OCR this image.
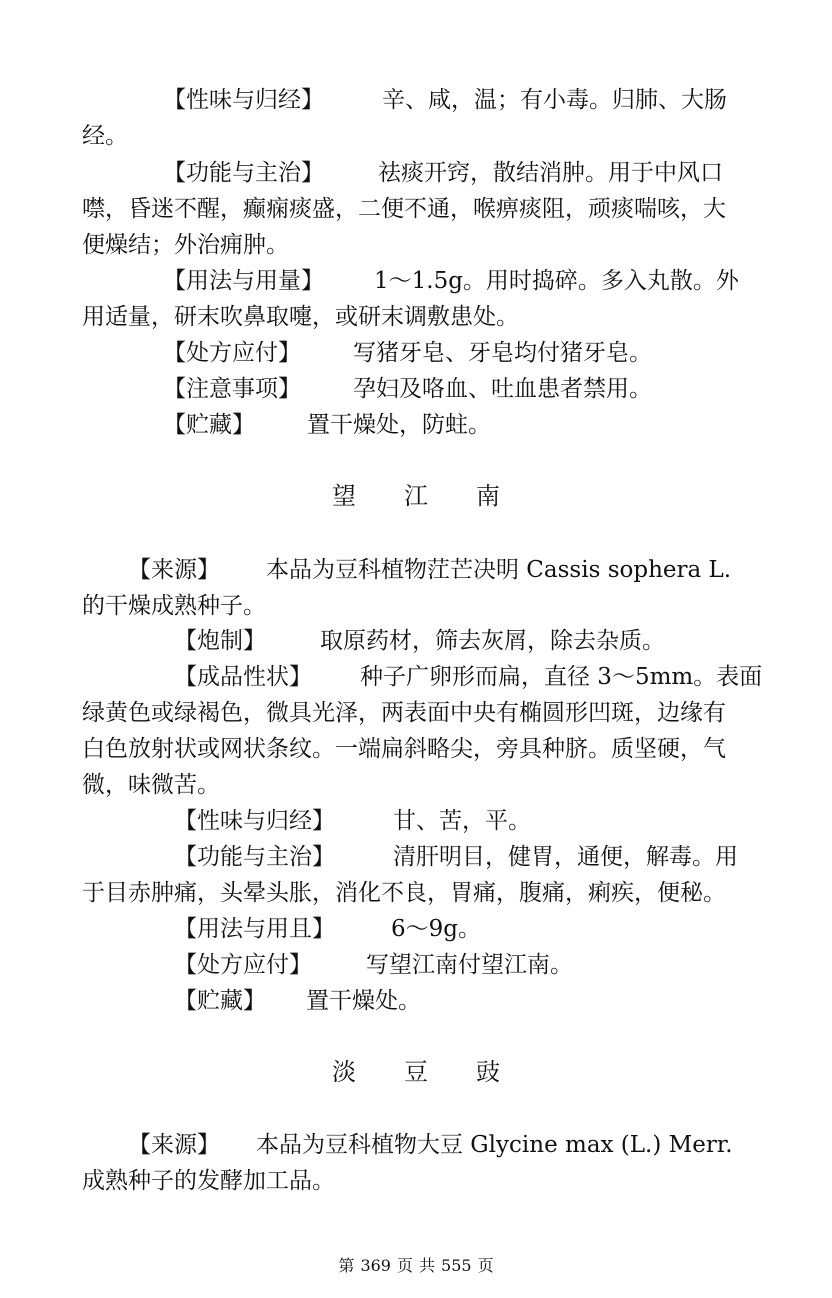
【性味与归经】	辛、咸，温；有小毒。归肺、大肠
经。
【功能与主治】 祛痰开窍，散结消肿。用于中风口
噤，昏迷不醒，癫痫痰盛，二便不通，喉痹痰阻，顽痰喘咳，大
便燥结；外治痈肿。
【用法与用量】 1～1.5g。用时捣碎。多入丸散。外
用适量，研末吹鼻取嚏，或研末调敷患处。
【处方应付】 写猪牙皂、牙皂均付猪牙皂。
【注意事项】 孕妇及咯血、吐血患者禁用。
【贮藏】 置干燥处，防蛀。
望 江 南
【来源】 本品为豆科植物茳芒决明 Cassis sophera L.
的干燥成熟种子。
【炮制】 取原药材，筛去灰屑，除去杂质。
【成品性状】 种子广卵形而扁，直径 3～5mm。表面
绿黄色或绿褐色，微具光泽，两表面中央有椭圆形凹斑，边缘有
白色放射状或网状条纹。一端扁斜略尖，旁具种脐。质坚硬，气
微，味微苦。
【性味与归经】	甘、苦，平。
【功能与主治】	清肝明目，健胃，通便，解毒。用
于目赤肿痛，头晕头胀，消化不良，胃痛，腹痛，痢疾，便秘。
【用法与用且】 6～9g。
【处方应付】 写望江南付望江南。
【贮藏】 置干燥处。
淡 豆 豉
【来源】 本品为豆科植物大豆 Glycine max (L.) Merr.
成熟种子的发酵加工品。
第 369 页 共 555 页
